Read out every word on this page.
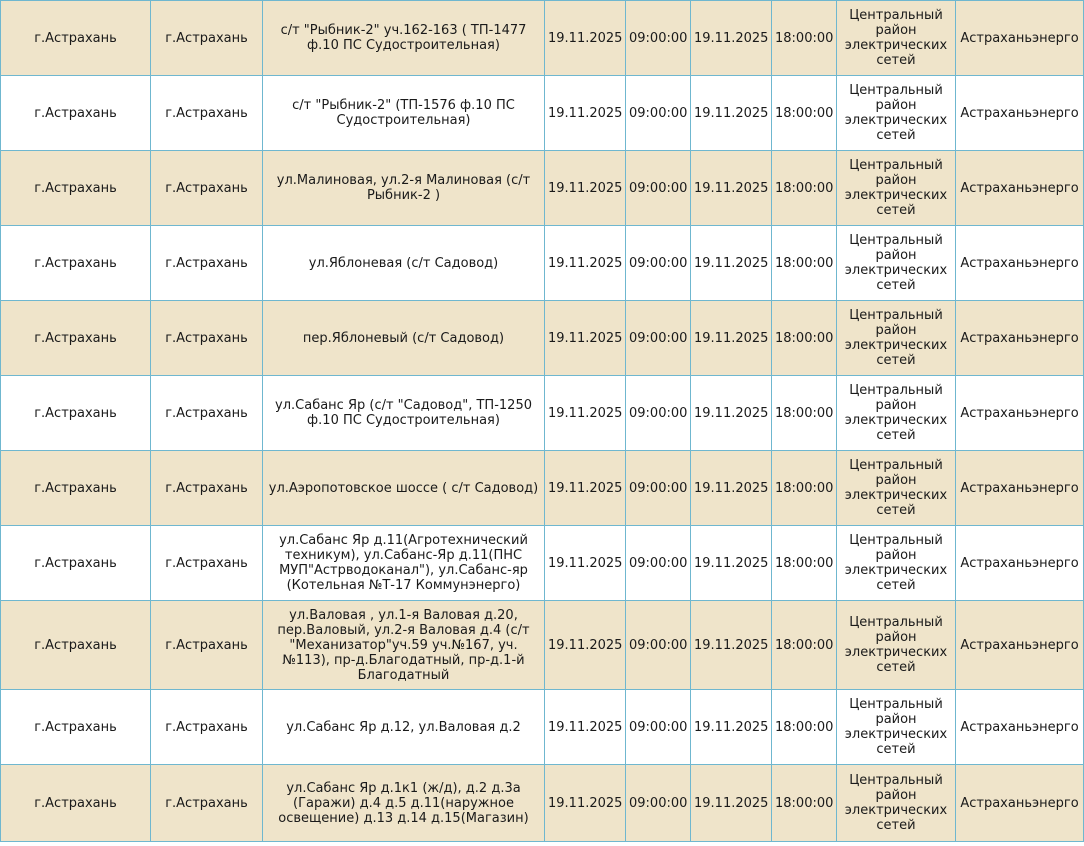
г.Астрахань	г.Астрахань	с/т "Рыбник-2" уч.162-163 ( ТП-1477 ф.10 ПС Судостроительная)	19.11.2025	09:00:00	19.11.2025	18:00:00	Центральный район электрических сетей	Астраханьэнерго
г.Астрахань	г.Астрахань	с/т "Рыбник-2" (ТП-1576 ф.10 ПС Судостроительная)	19.11.2025	09:00:00	19.11.2025	18:00:00	Центральный район электрических сетей	Астраханьэнерго
г.Астрахань	г.Астрахань	ул.Малиновая, ул.2-я Малиновая (с/т Рыбник-2 )	19.11.2025	09:00:00	19.11.2025	18:00:00	Центральный район электрических сетей	Астраханьэнерго
г.Астрахань	г.Астрахань	ул.Яблоневая (с/т Садовод)	19.11.2025	09:00:00	19.11.2025	18:00:00	Центральный район электрических сетей	Астраханьэнерго
г.Астрахань	г.Астрахань	пер.Яблоневый (с/т Садовод)	19.11.2025	09:00:00	19.11.2025	18:00:00	Центральный район электрических сетей	Астраханьэнерго
г.Астрахань	г.Астрахань	ул.Сабанс Яр (с/т "Садовод", ТП-1250 ф.10 ПС Судостроительная)	19.11.2025	09:00:00	19.11.2025	18:00:00	Центральный район электрических сетей	Астраханьэнерго
г.Астрахань	г.Астрахань	ул.Аэропотовское шоссе ( с/т Садовод)	19.11.2025	09:00:00	19.11.2025	18:00:00	Центральный район электрических сетей	Астраханьэнерго
г.Астрахань	г.Астрахань	ул.Сабанс Яр д.11(Агротехнический техникум), ул.Сабанс-Яр д.11(ПНС МУП"Астрводоканал"), ул.Сабанс-яр (Котельная №Т-17 Коммунэнерго)	19.11.2025	09:00:00	19.11.2025	18:00:00	Центральный район электрических сетей	Астраханьэнерго
г.Астрахань	г.Астрахань	ул.Валовая , ул.1-я Валовая д.20, пер.Валовый, ул.2-я Валовая д.4 (с/т "Механизатор"уч.59 уч.№167, уч.№113), пр-д.Благодатный, пр-д.1-й Благодатный	19.11.2025	09:00:00	19.11.2025	18:00:00	Центральный район электрических сетей	Астраханьэнерго
г.Астрахань	г.Астрахань	ул.Сабанс Яр д.12, ул.Валовая д.2	19.11.2025	09:00:00	19.11.2025	18:00:00	Центральный район электрических сетей	Астраханьэнерго
г.Астрахань	г.Астрахань	ул.Сабанс Яр д.1к1 (ж/д), д.2 д.3а (Гаражи) д.4 д.5 д.11(наружное освещение) д.13 д.14 д.15(Магазин)	19.11.2025	09:00:00	19.11.2025	18:00:00	Центральный район электрических сетей	Астраханьэнерго
